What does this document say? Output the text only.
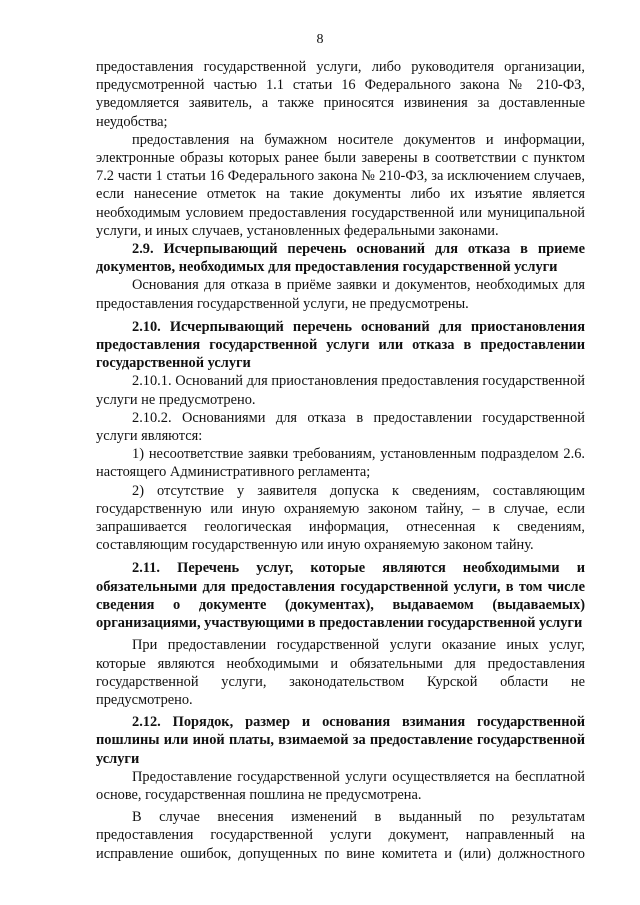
8

предоставления государственной услуги, либо руководителя организации, предусмотренной частью 1.1 статьи 16 Федерального закона № 210-ФЗ, уведомляется заявитель, а также приносятся извинения за доставленные неудобства;

предоставления на бумажном носителе документов и информации, электронные образы которых ранее были заверены в соответствии с пунктом 7.2 части 1 статьи 16 Федерального закона № 210-ФЗ, за исключением случаев, если нанесение отметок на такие документы либо их изъятие является необходимым условием предоставления государственной или муниципальной услуги, и иных случаев, установленных федеральными законами.

2.9. Исчерпывающий перечень оснований для отказа в приеме документов, необходимых для предоставления государственной услуги

Основания для отказа в приёме заявки и документов, необходимых для предоставления государственной услуги, не предусмотрены.

2.10. Исчерпывающий перечень оснований для приостановления предоставления государственной услуги или отказа в предоставлении государственной услуги

2.10.1. Оснований для приостановления предоставления государственной услуги не предусмотрено.

2.10.2. Основаниями для отказа в предоставлении государственной услуги являются:

1) несоответствие заявки требованиям, установленным подразделом 2.6. настоящего Административного регламента;

2) отсутствие у заявителя допуска к сведениям, составляющим государственную или иную охраняемую законом тайну, – в случае, если запрашивается геологическая информация, отнесенная к сведениям, составляющим государственную или иную охраняемую законом тайну.

2.11. Перечень услуг, которые являются необходимыми и обязательными для предоставления государственной услуги, в том числе сведения о документе (документах), выдаваемом (выдаваемых) организациями, участвующими в предоставлении государственной услуги

При предоставлении государственной услуги оказание иных услуг, которые являются необходимыми и обязательными для предоставления государственной услуги, законодательством Курской области не предусмотрено.

2.12. Порядок, размер и основания взимания государственной пошлины или иной платы, взимаемой за предоставление государственной услуги

Предоставление государственной услуги осуществляется на бесплатной основе, государственная пошлина не предусмотрена.

В случае внесения изменений в выданный по результатам предоставления государственной услуги документ, направленный на исправление ошибок, допущенных по вине комитета и (или) должностного
